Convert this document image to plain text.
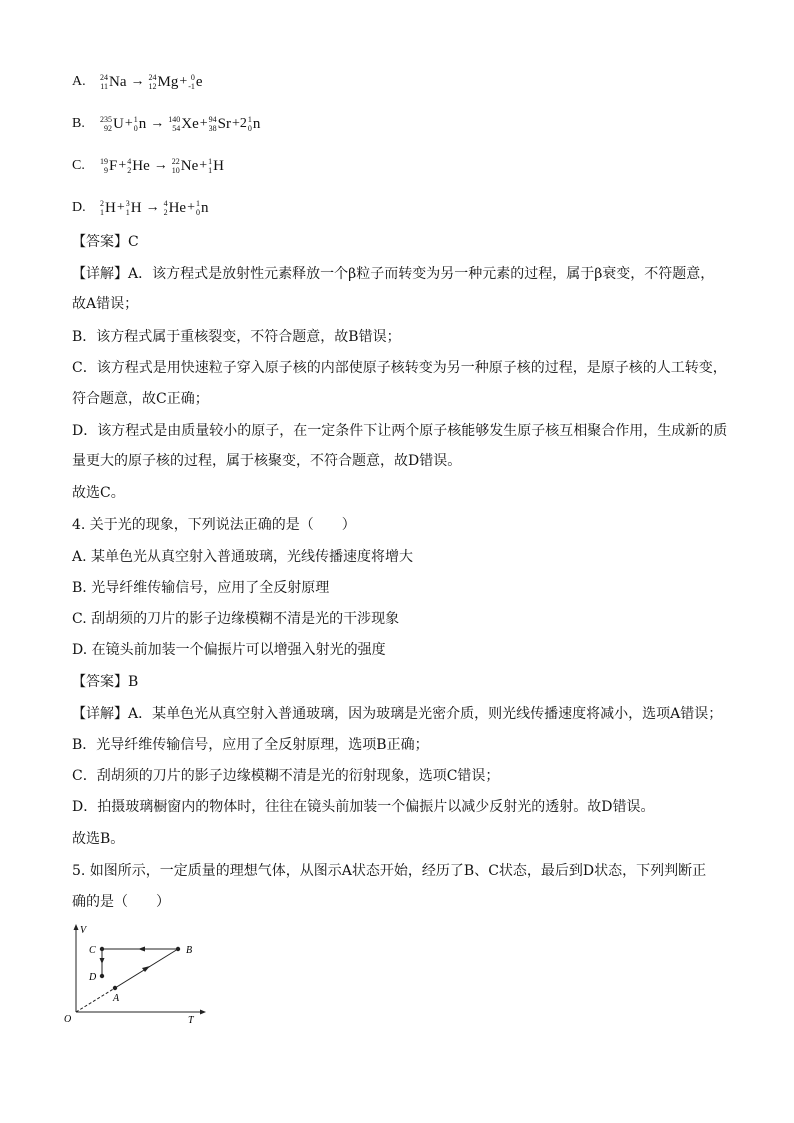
A. 24
11 Na → 24
12 Mg+ 0
-1 e
B. 235
92 U+ 1
0 n → 140
54 Xe+ 94
38 Sr+2 1
0 n
C. 19
9 F+ 4
2 He → 22
10 Ne+ 1
1 H
D. 2
1 H+ 3
1 H → 4
2 He+ 1
0 n
【答案】C
【详解】A．该方程式是放射性元素释放一个β粒子而转变为另一种元素的过程，属于β衰变，不符题意，
故A错误；
B．该方程式属于重核裂变，不符合题意，故B错误；
C．该方程式是用快速粒子穿入原子核的内部使原子核转变为另一种原子核的过程，是原子核的人工转变，
符合题意，故C正确；
D．该方程式是由质量较小的原子，在一定条件下让两个原子核能够发生原子核互相聚合作用，生成新的质
量更大的原子核的过程，属于核聚变，不符合题意，故D错误。
故选C。
4. 关于光的现象，下列说法正确的是（　　）
A. 某单色光从真空射入普通玻璃，光线传播速度将增大
B. 光导纤维传输信号，应用了全反射原理
C. 刮胡须的刀片的影子边缘模糊不清是光的干涉现象
D. 在镜头前加装一个偏振片可以增强入射光的强度
【答案】B
【详解】A．某单色光从真空射入普通玻璃，因为玻璃是光密介质，则光线传播速度将减小，选项A错误；
B．光导纤维传输信号，应用了全反射原理，选项B正确；
C．刮胡须的刀片的影子边缘模糊不清是光的衍射现象，选项C错误；
D．拍摄玻璃橱窗内的物体时，往往在镜头前加装一个偏振片以减少反射光的透射。故D错误。
故选B。
5. 如图所示，一定质量的理想气体，从图示A状态开始，经历了B、C状态，最后到D状态，下列判断正
确的是（　　）
V
T
O
A
B
C
D
